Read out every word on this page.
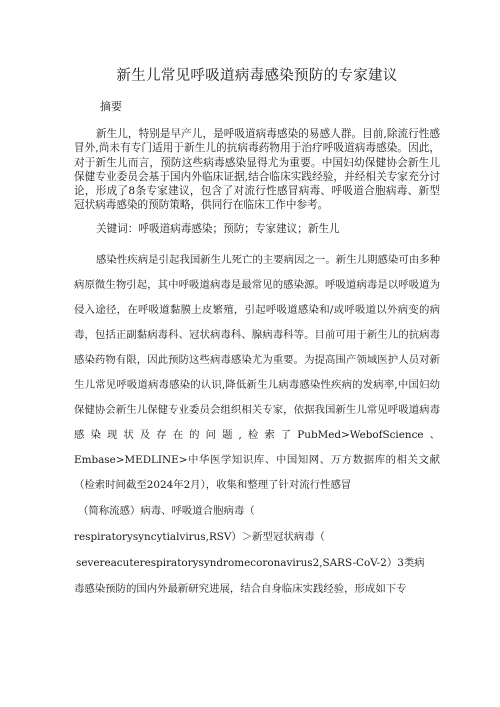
新生儿常见呼吸道病毒感染预防的专家建议
摘要

新生儿，特别是早产儿，是呼吸道病毒感染的易感人群。目前,除流行性感冒外,尚未有专门适用于新生儿的抗病毒药物用于治疗呼吸道病毒感染。因此，对于新生儿而言，预防这些病毒感染显得尤为重要。中国妇幼保健协会新生儿保健专业委员会基于国内外临床证据,结合临床实践经验，并经相关专家充分讨论，形成了8条专家建议，包含了对流行性感冒病毒、呼吸道合胞病毒、新型冠状病毒感染的预防策略，供同行在临床工作中参考。

关键词：呼吸道病毒感染；预防；专家建议；新生儿

感染性疾病是引起我国新生儿死亡的主要病因之一。新生儿期感染可由多种病原微生物引起，其中呼吸道病毒是最常见的感染源。呼吸道病毒是以呼吸道为侵入途径，在呼吸道黏膜上皮繁殖，引起呼吸道感染和/或呼吸道以外病变的病毒，包括正副黏病毒科、冠状病毒科、腺病毒科等。目前可用于新生儿的抗病毒感染药物有限，因此预防这些病毒感染尤为重要。为提高围产领域医护人员对新生儿常见呼吸道病毒感染的认识,降低新生儿病毒感染性疾病的发病率,中国妇幼保健协会新生儿保健专业委员会组织相关专家，依据我国新生儿常见呼吸道病毒感染现状及存在的问题,检索了PubMed>WebofScience、Embase>MEDLINE>中华医学知识库、中国知网、万方数据库的相关文献（检索时间截至2024年2月），收集和整理了针对流行性感冒

（简称流感）病毒、呼吸道合胞病毒（

respiratorysyncytialvirus,RSV）＞新型冠状病毒（

severeacuterespiratorysyndromecoronavirus2,SARS-CoV-2）3类病

毒感染预防的国内外最新研究进展，结合自身临床实践经验，形成如下专
